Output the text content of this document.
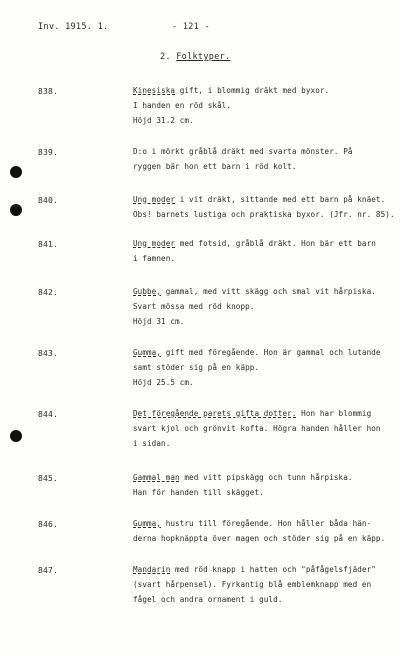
Inv. 1915. 1.	- 121 -
2. Folktyper.
838.	Kinesiska gift, i blommig dräkt med byxor.
I handen en röd skål.
Höjd 31.2 cm.
839.	D:o i mörkt gråblå dräkt med svarta mönster. På
ryggen bär hon ett barn i röd kolt.
840.	Ung moder i vit dräkt, sittande med ett barn på knäet.
Obs! barnets lustiga och praktiska byxor. (Jfr. nr. 85).
841.	Ung moder med fotsid, gråblå dräkt. Hon bär ett barn
i famnen.
842.	Gubbe, gammal, med vitt skägg och smal vit hårpiska.
Svart mössa med röd knopp.
Höjd 31 cm.
843.	Gumma, gift med föregående. Hon är gammal och lutande
samt stöder sig på en käpp.
Höjd 25.5 cm.
844.	Det föregående parets gifta dotter. Hon har blommig
svart kjol och grönvit kofta. Högra handen håller hon
i sidan.
845.	Gammal man med vitt pipskägg och tunn hårpiska.
Han för handen till skägget.
846.	Gumma, hustru till föregående. Hon håller båda hän-
derna hopknäppta över magen och stöder sig på en käpp.
847.	Mandarin med röd knapp i hatten och "påfågelsfjäder"
(svart hårpensel). Fyrkantig blå emblemknapp med en
fågel och andra ornament i guld.
